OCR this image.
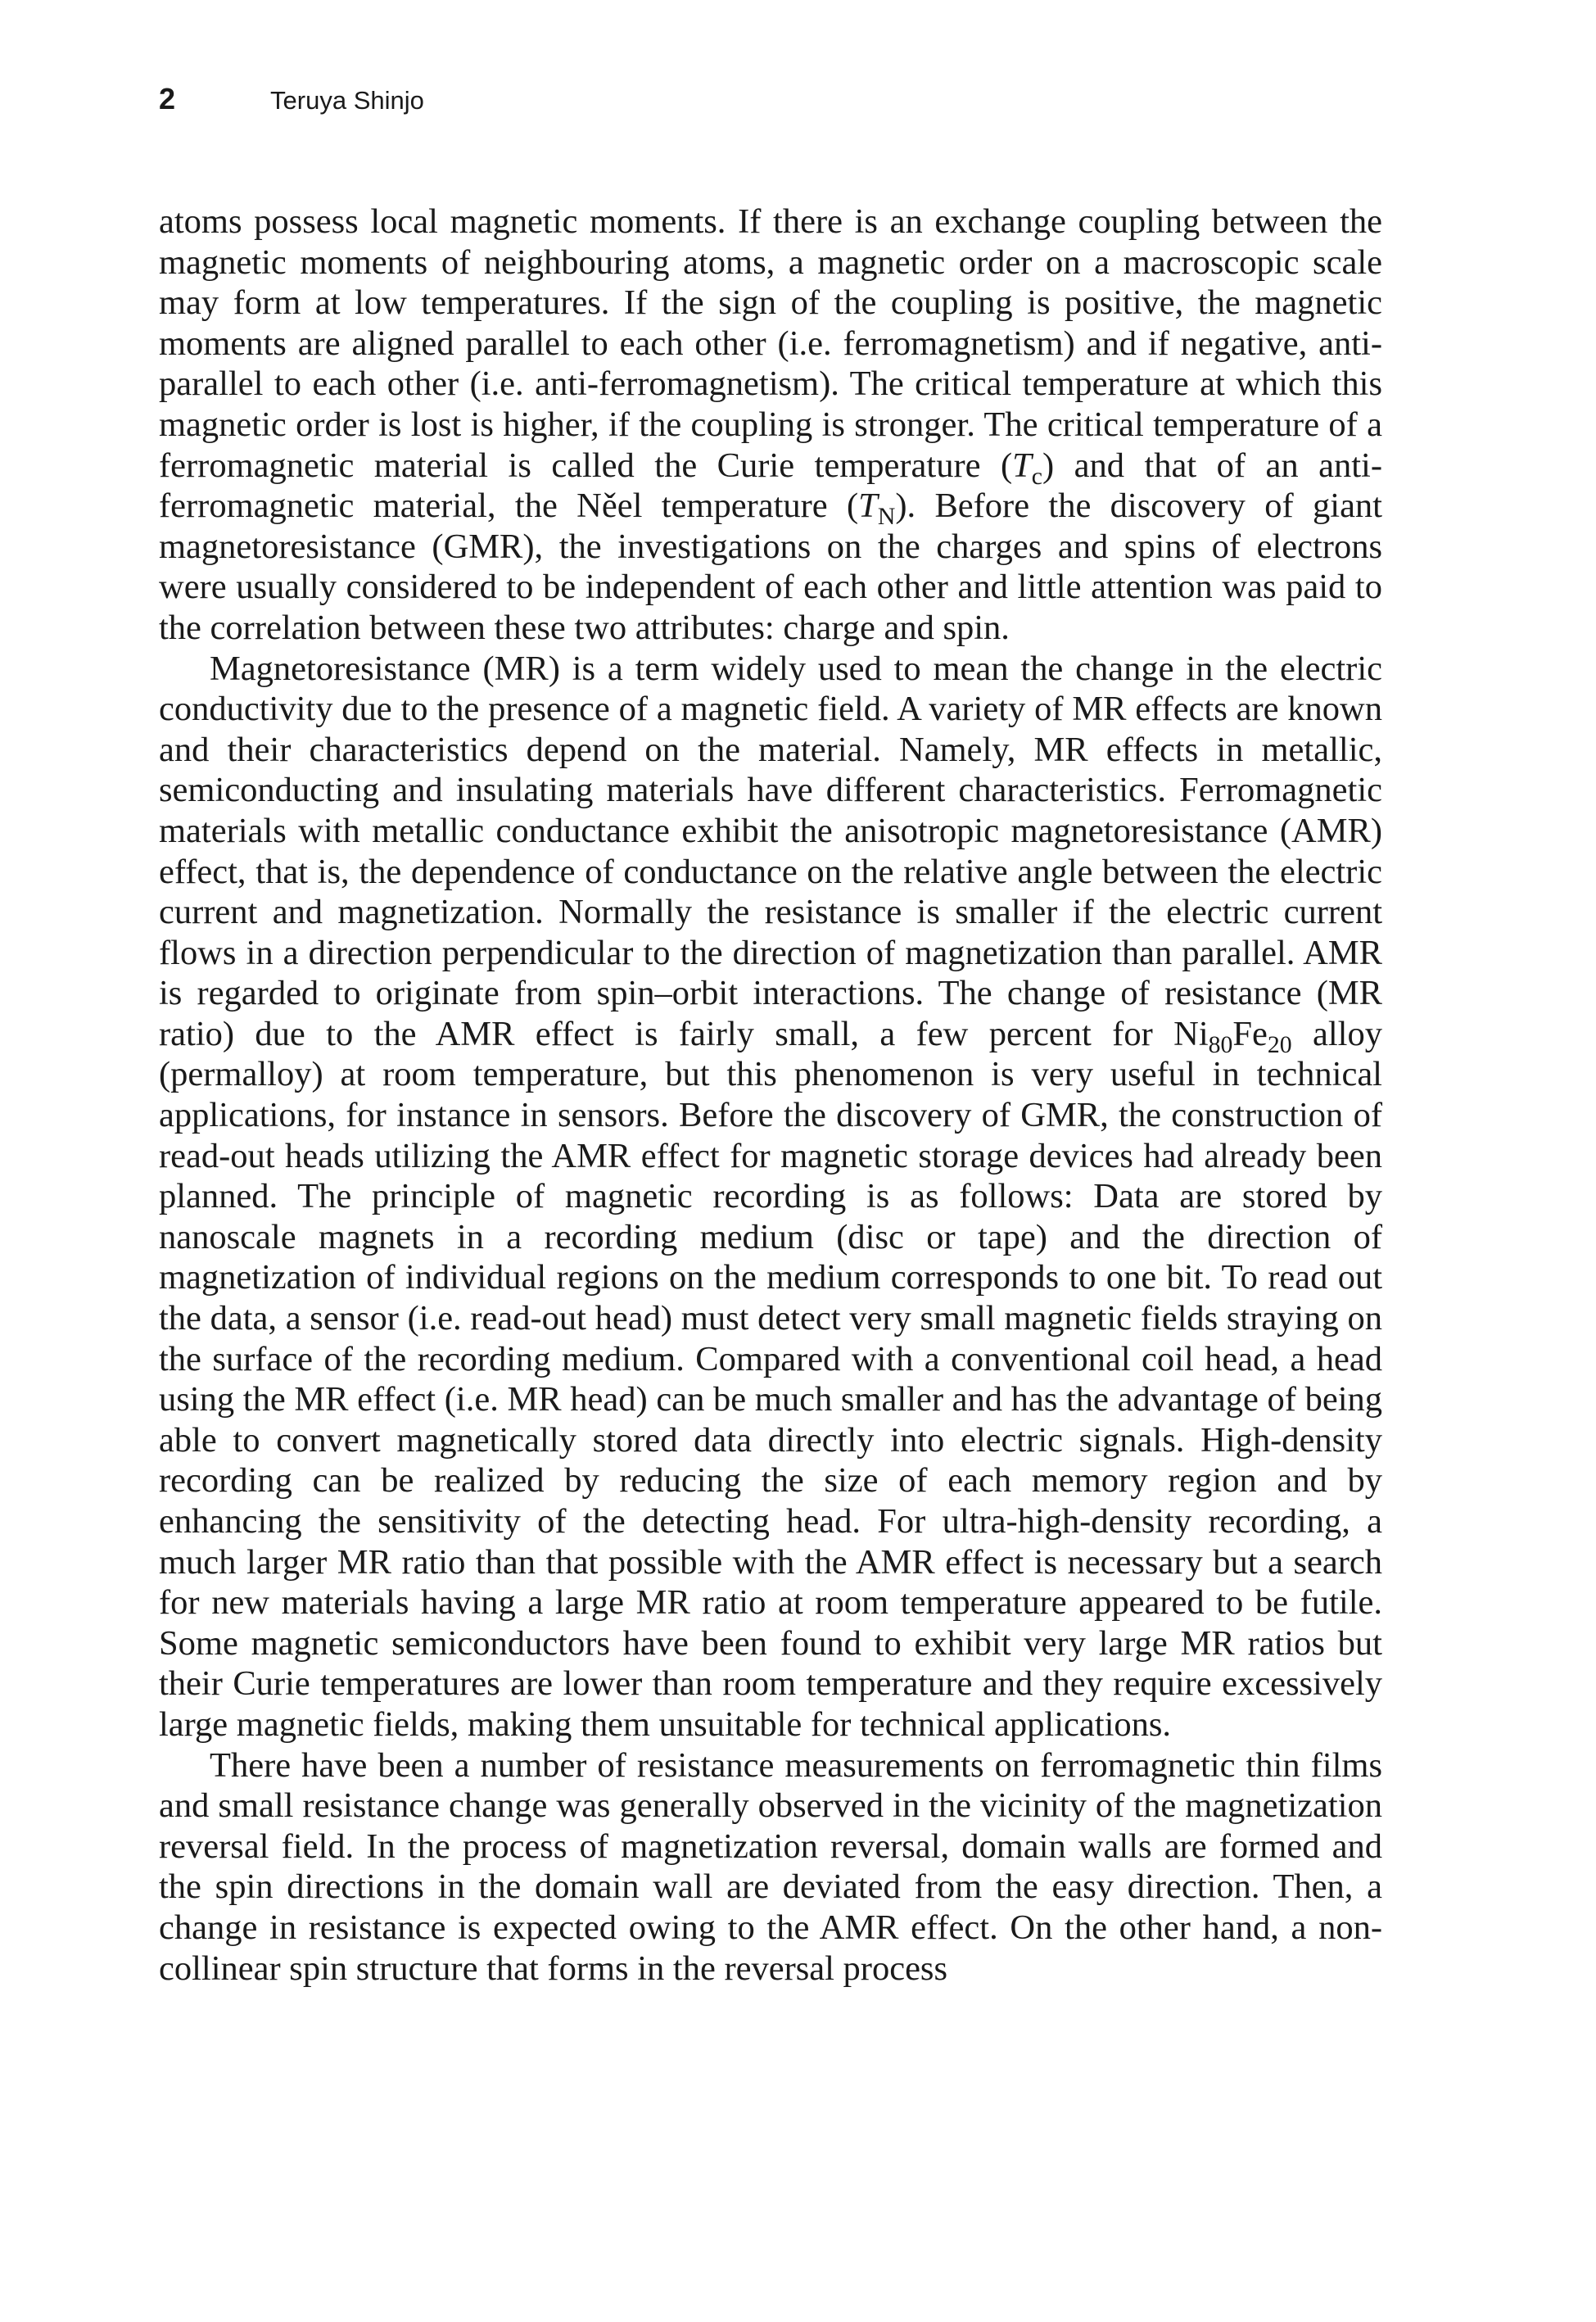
2	Teruya Shinjo

atoms possess local magnetic moments. If there is an exchange coupling between the magnetic moments of neighbouring atoms, a magnetic order on a macroscopic scale may form at low temperatures. If the sign of the coupling is positive, the magnetic moments are aligned parallel to each other (i.e. ferromagnetism) and if negative, anti-parallel to each other (i.e. anti-ferromagnetism). The critical temperature at which this magnetic order is lost is higher, if the coupling is stronger. The critical temperature of a ferromagnetic material is called the Curie temperature $(T_c)$ and that of an anti-ferromagnetic material, the Něel temperature $(T_N)$. Before the discovery of giant magnetoresistance (GMR), the investigations on the charges and spins of electrons were usually considered to be independent of each other and little attention was paid to the correlation between these two attributes: charge and spin.

Magnetoresistance (MR) is a term widely used to mean the change in the electric conductivity due to the presence of a magnetic field. A variety of MR effects are known and their characteristics depend on the material. Namely, MR effects in metallic, semiconducting and insulating materials have different characteristics. Ferromagnetic materials with metallic conductance exhibit the anisotropic magnetoresistance (AMR) effect, that is, the dependence of conductance on the relative angle between the electric current and magnetization. Normally the resistance is smaller if the electric current flows in a direction perpendicular to the direction of magnetization than parallel. AMR is regarded to originate from spin–orbit interactions. The change of resistance (MR ratio) due to the AMR effect is fairly small, a few percent for $Ni_{80}Fe_{20}$ alloy (permalloy) at room temperature, but this phenomenon is very useful in technical applications, for instance in sensors. Before the discovery of GMR, the construction of read-out heads utilizing the AMR effect for magnetic storage devices had already been planned. The principle of magnetic recording is as follows: Data are stored by nanoscale magnets in a recording medium (disc or tape) and the direction of magnetization of individual regions on the medium corresponds to one bit. To read out the data, a sensor (i.e. read-out head) must detect very small magnetic fields straying on the surface of the recording medium. Compared with a conventional coil head, a head using the MR effect (i.e. MR head) can be much smaller and has the advantage of being able to convert magnetically stored data directly into electric signals. High-density recording can be realized by reducing the size of each memory region and by enhancing the sensitivity of the detecting head. For ultra-high-density recording, a much larger MR ratio than that possible with the AMR effect is necessary but a search for new materials having a large MR ratio at room temperature appeared to be futile. Some magnetic semiconductors have been found to exhibit very large MR ratios but their Curie temperatures are lower than room temperature and they require excessively large magnetic fields, making them unsuitable for technical applications.

There have been a number of resistance measurements on ferromagnetic thin films and small resistance change was generally observed in the vicinity of the magnetization reversal field. In the process of magnetization reversal, domain walls are formed and the spin directions in the domain wall are deviated from the easy direction. Then, a change in resistance is expected owing to the AMR effect. On the other hand, a non-collinear spin structure that forms in the reversal process
